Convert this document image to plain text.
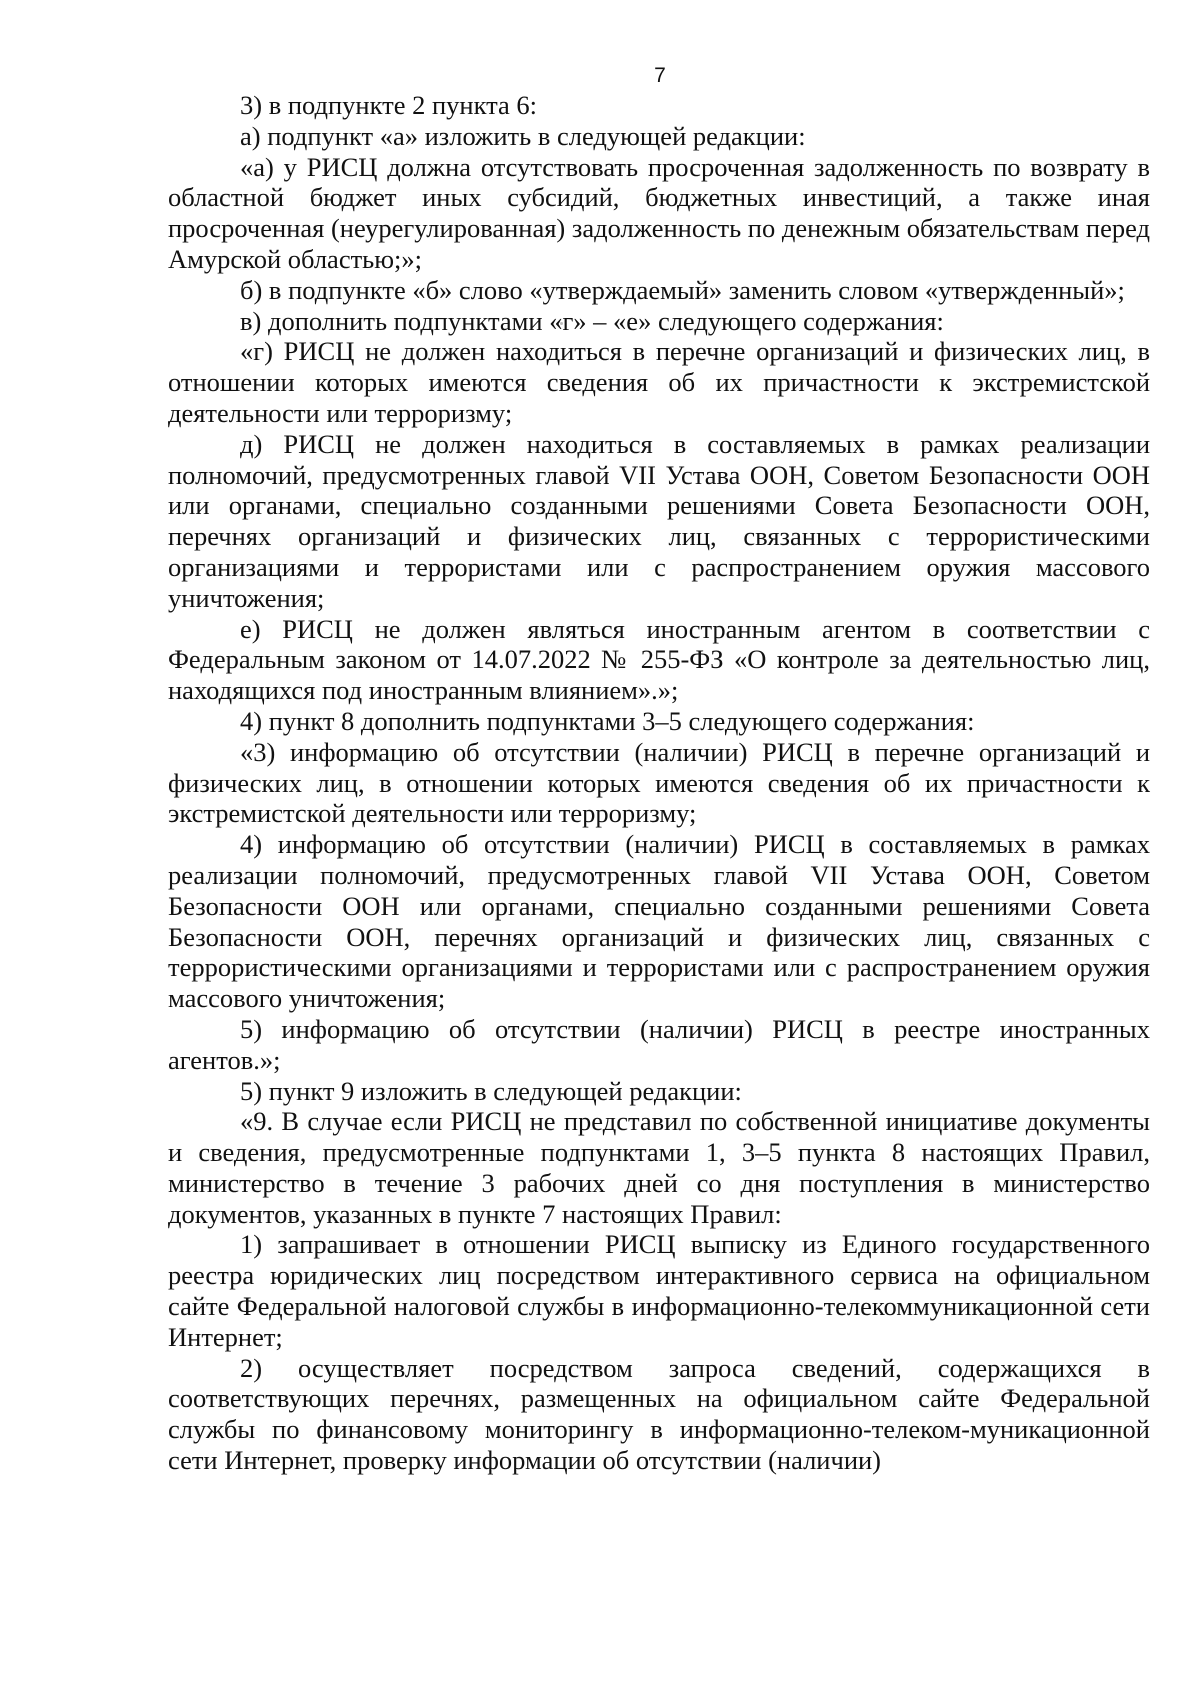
7

3) в подпункте 2 пункта 6:

а) подпункт «а» изложить в следующей редакции:

«а) у РИСЦ должна отсутствовать просроченная задолженность по возврату в областной бюджет иных субсидий, бюджетных инвестиций, а также иная просроченная (неурегулированная) задолженность по денежным обязательствам перед Амурской областью;»;

б) в подпункте «б» слово «утверждаемый» заменить словом «утвержденный»;

в) дополнить подпунктами «г» – «е» следующего содержания:

«г) РИСЦ не должен находиться в перечне организаций и физических лиц, в отношении которых имеются сведения об их причастности к экстремистской деятельности или терроризму;

д) РИСЦ не должен находиться в составляемых в рамках реализации полномочий, предусмотренных главой VII Устава ООН, Советом Безопасности ООН или органами, специально созданными решениями Совета Безопасности ООН, перечнях организаций и физических лиц, связанных с террористическими организациями и террористами или с распространением оружия массового уничтожения;

е) РИСЦ не должен являться иностранным агентом в соответствии с Федеральным законом от 14.07.2022 № 255-ФЗ «О контроле за деятельностью лиц, находящихся под иностранным влиянием».»;

4) пункт 8 дополнить подпунктами 3–5 следующего содержания:

«3) информацию об отсутствии (наличии) РИСЦ в перечне организаций и физических лиц, в отношении которых имеются сведения об их причастности к экстремистской деятельности или терроризму;

4) информацию об отсутствии (наличии) РИСЦ в составляемых в рамках реализации полномочий, предусмотренных главой VII Устава ООН, Советом Безопасности ООН или органами, специально созданными решениями Совета Безопасности ООН, перечнях организаций и физических лиц, связанных с террористическими организациями и террористами или с распространением оружия массового уничтожения;

5) информацию об отсутствии (наличии) РИСЦ в реестре иностранных агентов.»;

5) пункт 9 изложить в следующей редакции:

«9. В случае если РИСЦ не представил по собственной инициативе документы и сведения, предусмотренные подпунктами 1, 3–5 пункта 8 настоящих Правил, министерство в течение 3 рабочих дней со дня поступления в министерство документов, указанных в пункте 7 настоящих Правил:

1) запрашивает в отношении РИСЦ выписку из Единого государственного реестра юридических лиц посредством интерактивного сервиса на официальном сайте Федеральной налоговой службы в информационно-телекоммуникационной сети Интернет;

2) осуществляет посредством запроса сведений, содержащихся в соответствующих перечнях, размещенных на официальном сайте Федеральной службы по финансовому мониторингу в информационно-телеком-муникационной сети Интернет, проверку информации об отсутствии (наличии)
